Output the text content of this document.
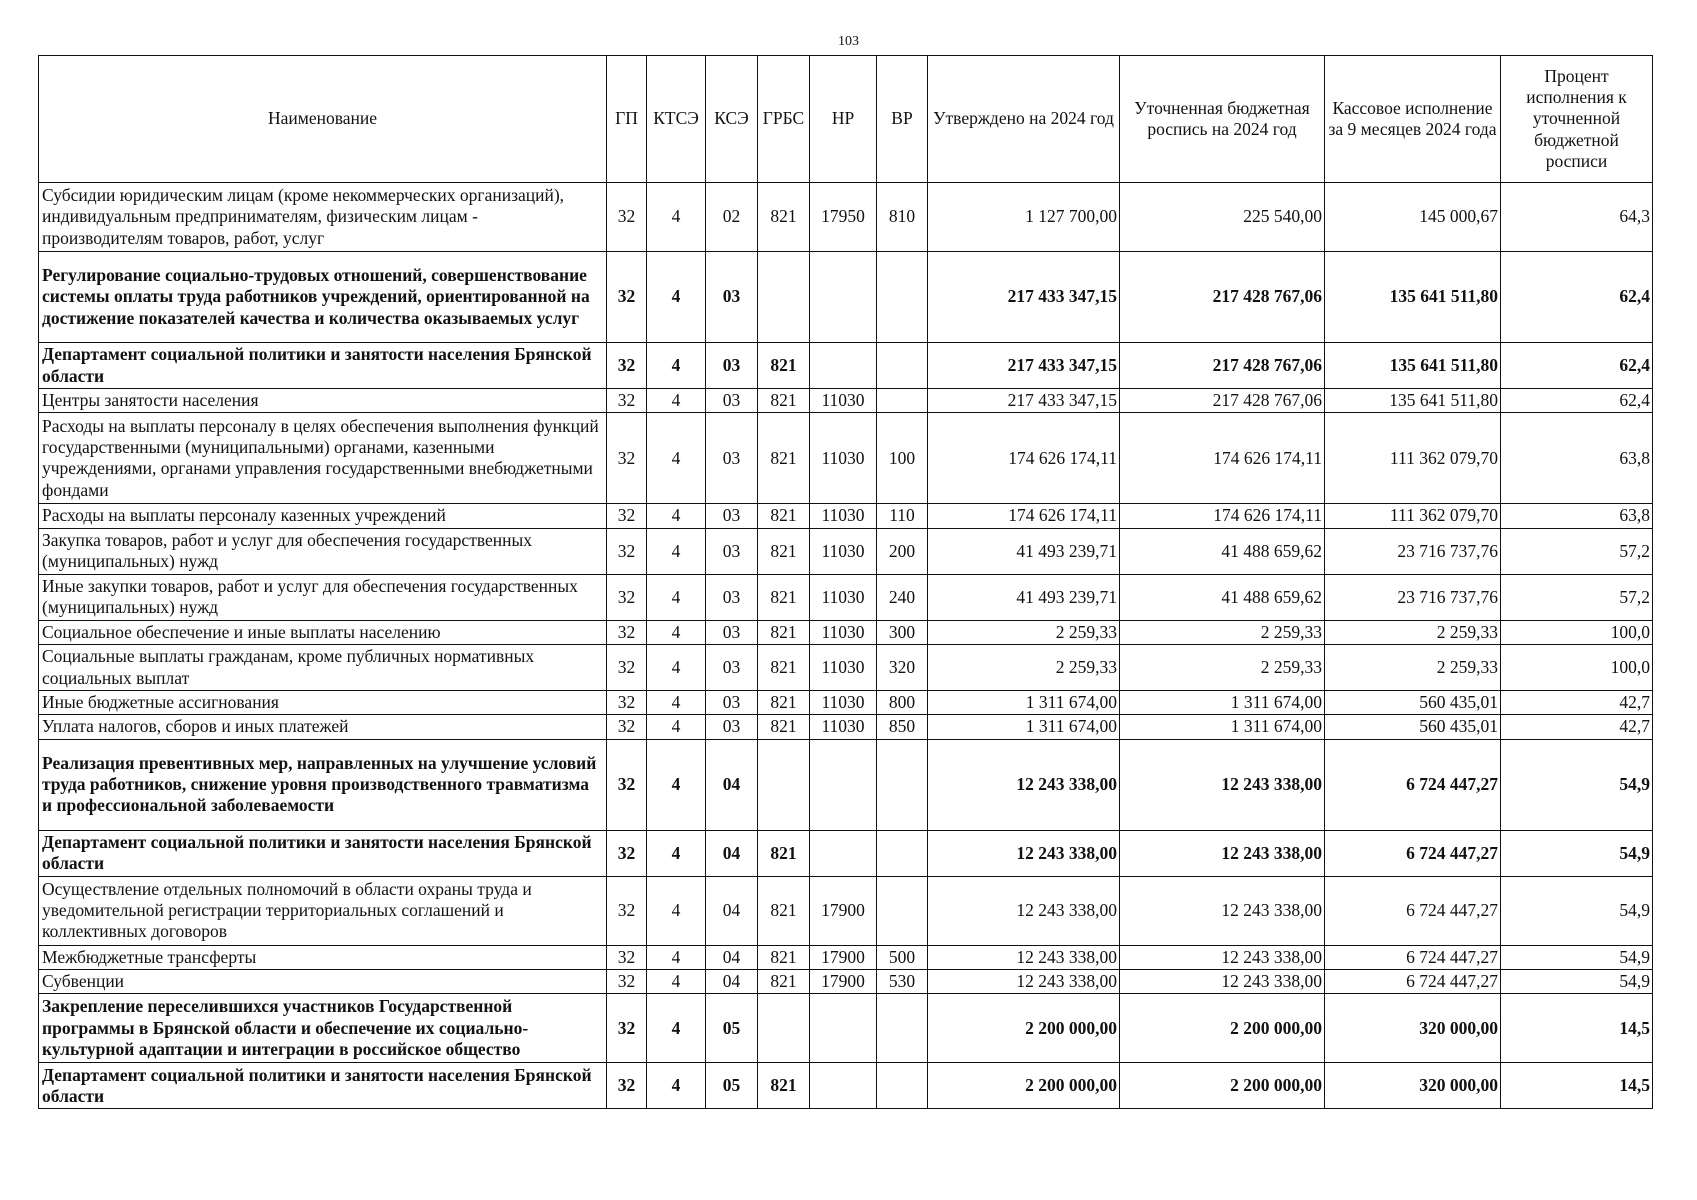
103
Наименование	ГП	КТСЭ	КСЭ	ГРБС	НР	ВР	Утверждено на 2024 год	Уточненная бюджетная роспись на 2024 год	Кассовое исполнение за 9 месяцев 2024 года	Процент исполнения к уточненной бюджетной росписи
Субсидии юридическим лицам (кроме некоммерческих организаций), индивидуальным предпринимателям, физическим лицам - производителям товаров, работ, услуг	32	4	02	821	17950	810	1 127 700,00	225 540,00	145 000,67	64,3
Регулирование социально-трудовых отношений, совершенствование системы оплаты труда работников учреждений, ориентированной на достижение показателей качества и количества оказываемых услуг	32	4	03				217 433 347,15	217 428 767,06	135 641 511,80	62,4
Департамент социальной политики и занятости населения Брянской области	32	4	03	821			217 433 347,15	217 428 767,06	135 641 511,80	62,4
Центры занятости населения	32	4	03	821	11030		217 433 347,15	217 428 767,06	135 641 511,80	62,4
Расходы на выплаты персоналу в целях обеспечения выполнения функций государственными (муниципальными) органами, казенными учреждениями, органами управления государственными внебюджетными фондами	32	4	03	821	11030	100	174 626 174,11	174 626 174,11	111 362 079,70	63,8
Расходы на выплаты персоналу казенных учреждений	32	4	03	821	11030	110	174 626 174,11	174 626 174,11	111 362 079,70	63,8
Закупка товаров, работ и услуг для обеспечения государственных (муниципальных) нужд	32	4	03	821	11030	200	41 493 239,71	41 488 659,62	23 716 737,76	57,2
Иные закупки товаров, работ и услуг для обеспечения государственных (муниципальных) нужд	32	4	03	821	11030	240	41 493 239,71	41 488 659,62	23 716 737,76	57,2
Социальное обеспечение и иные выплаты населению	32	4	03	821	11030	300	2 259,33	2 259,33	2 259,33	100,0
Социальные выплаты гражданам, кроме публичных нормативных социальных выплат	32	4	03	821	11030	320	2 259,33	2 259,33	2 259,33	100,0
Иные бюджетные ассигнования	32	4	03	821	11030	800	1 311 674,00	1 311 674,00	560 435,01	42,7
Уплата налогов, сборов и иных платежей	32	4	03	821	11030	850	1 311 674,00	1 311 674,00	560 435,01	42,7
Реализация превентивных мер, направленных на улучшение условий труда работников, снижение уровня производственного травматизма и профессиональной заболеваемости	32	4	04				12 243 338,00	12 243 338,00	6 724 447,27	54,9
Департамент социальной политики и занятости населения Брянской области	32	4	04	821			12 243 338,00	12 243 338,00	6 724 447,27	54,9
Осуществление отдельных полномочий в области охраны труда и уведомительной регистрации территориальных соглашений и коллективных договоров	32	4	04	821	17900		12 243 338,00	12 243 338,00	6 724 447,27	54,9
Межбюджетные трансферты	32	4	04	821	17900	500	12 243 338,00	12 243 338,00	6 724 447,27	54,9
Субвенции	32	4	04	821	17900	530	12 243 338,00	12 243 338,00	6 724 447,27	54,9
Закрепление переселившихся участников Государственной программы в Брянской области и обеспечение их социально-культурной адаптации и интеграции в российское общество	32	4	05				2 200 000,00	2 200 000,00	320 000,00	14,5
Департамент социальной политики и занятости населения Брянской области	32	4	05	821			2 200 000,00	2 200 000,00	320 000,00	14,5
